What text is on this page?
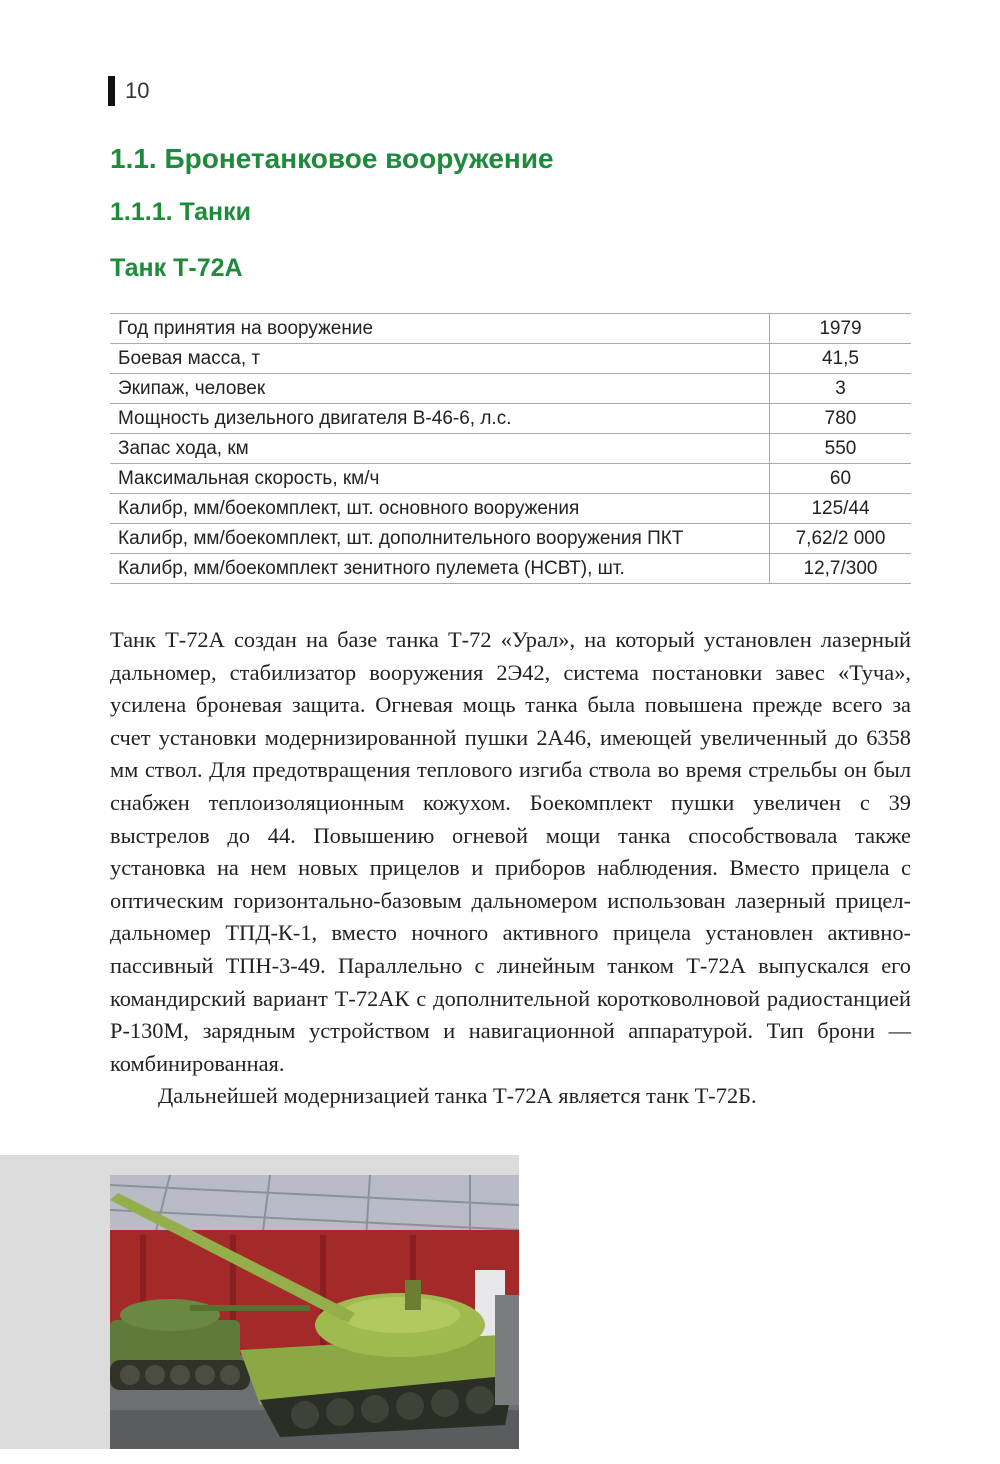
10
1.1. Бронетанковое вооружение
1.1.1. Танки
Танк Т-72А
Год принятия на вооружение	1979
Боевая масса, т	41,5
Экипаж, человек	3
Мощность дизельного двигателя В-46-6, л.с.	780
Запас хода, км	550
Максимальная скорость, км/ч	60
Калибр, мм/боекомплект, шт. основного вооружения	125/44
Калибр, мм/боекомплект, шт. дополнительного вооружения ПКТ	7,62/2 000
Калибр, мм/боекомплект зенитного пулемета (НСВТ), шт.	12,7/300

Танк Т-72А создан на базе танка Т-72 «Урал», на который установлен лазерный дальномер, стабилизатор вооружения 2Э42, система постановки завес «Туча», усилена броневая защита. Огневая мощь танка была повышена прежде всего за счет установки модернизированной пушки 2А46, имеющей увеличенный до 6358 мм ствол. Для предотвращения теплового изгиба ствола во время стрельбы он был снабжен теплоизоляционным кожухом. Боекомплект пушки увеличен с 39 выстрелов до 44. Повышению огневой мощи танка способствовала также установка на нем новых прицелов и приборов наблюдения. Вместо прицела с оптическим горизонтально-базовым дальномером использован лазерный прицел-дальномер ТПД-К-1, вместо ночного активного прицела установлен активно-пассивный ТПН-3-49. Параллельно с линейным танком Т-72А выпускался его командирский вариант Т-72АК с дополнительной коротковолновой радиостанцией Р-130М, зарядным устройством и навигационной аппаратурой. Тип брони — комбинированная.

Дальнейшей модернизацией танка Т-72А является танк Т-72Б.
